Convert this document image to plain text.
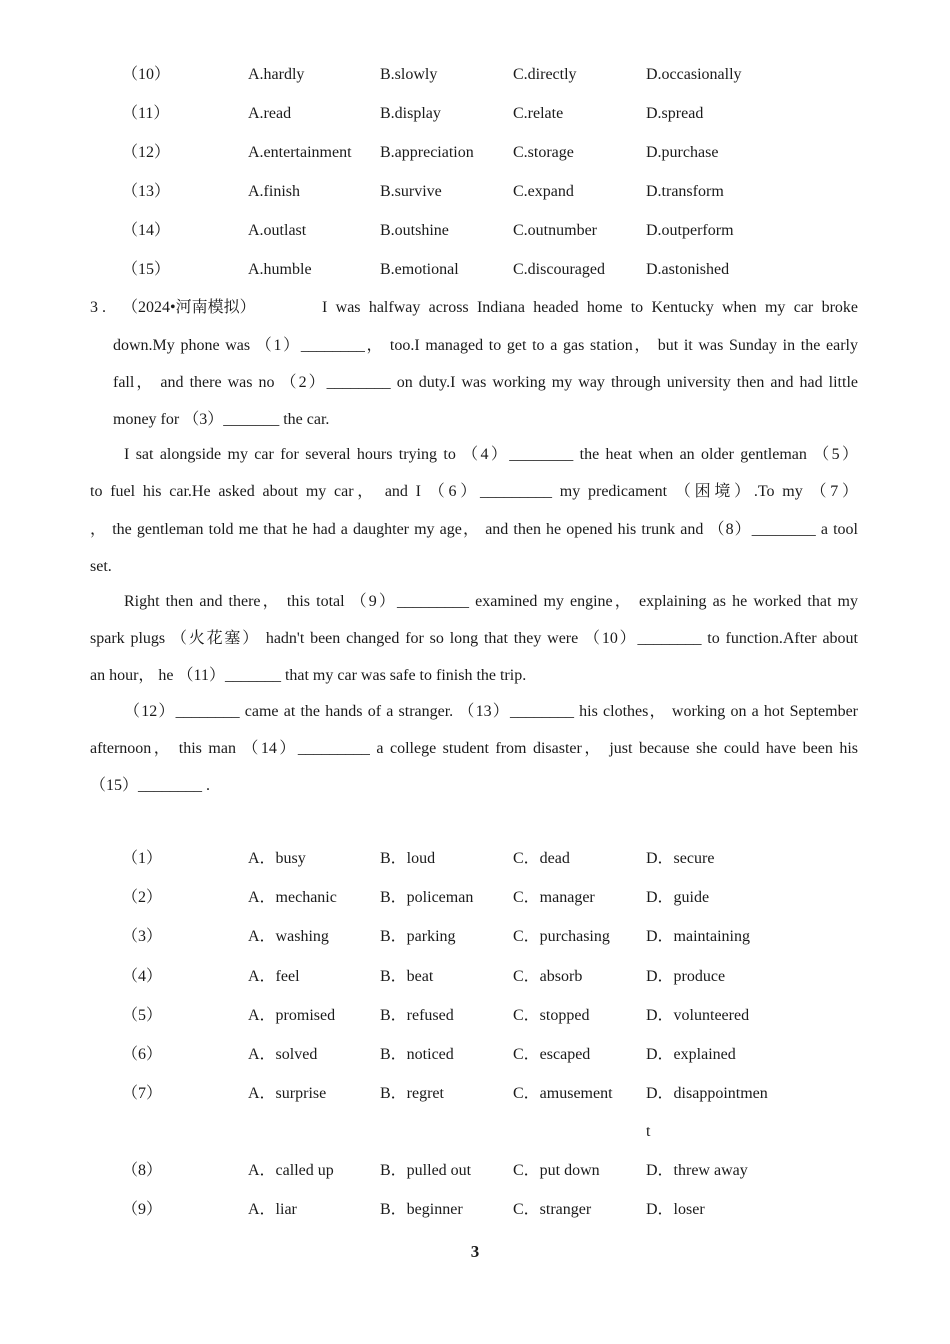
（10）	A.hardly	B.slowly	C.directly	D.occasionally
（11）	A.read	B.display	C.relate	D.spread
（12）	A.entertainment B.appreciation C.storage	D.purchase
（13）	A.finish	B.survive	C.expand	D.transform
（14）	A.outlast	B.outshine	C.outnumber	D.outperform
（15）	A.humble	B.emotional	C.discouraged	D.astonished
3 . （2024•河南模拟）	I was halfway across Indiana headed home to Kentucky when my car broke
down.My phone was （1）________， too.I managed to get to a gas station， but it was Sunday in the early
fall， and there was no （2）________ on duty.I was working my way through university then and had little
money for （3）_______ the car.
I sat alongside my car for several hours trying to （4）________ the heat when an older gentleman （5）
to fuel his car.He asked about my car， and I （6）_________ my predicament （困境）.To my （7）
， the gentleman told me that he had a daughter my age， and then he opened his trunk and （8）________ a tool
set.
Right then and there， this total （9）_________ examined my engine， explaining as he worked that my
spark plugs （火花塞） hadn't been changed for so long that they were （10）________ to function.After about
an hour， he （11）_______ that my car was safe to finish the trip.
（12）________ came at the hands of a stranger. （13）________ his clothes， working on a hot September
afternoon， this man （14）_________ a college student from disaster， just because she could have been his
（15）________ .
（1）	A．busy	B．loud	C．dead	D．secure
（2）	A．mechanic	B．policeman C．manager	D．guide
（3）	A．washing	B．parking	C．purchasing D．maintaining
（4）	A．feel	B．beat	C．absorb	D．produce
（5）	A．promised	B．refused	C．stopped	D．volunteered
（6）	A．solved	B．noticed	C．escaped	D．explained
（7）	A．surprise	B．regret	C．amusement D．disappointmen
t
（8）	A．called up	B．pulled out	C．put down	D．threw away
（9）	A．liar	B．beginner	C．stranger	D．loser
3
